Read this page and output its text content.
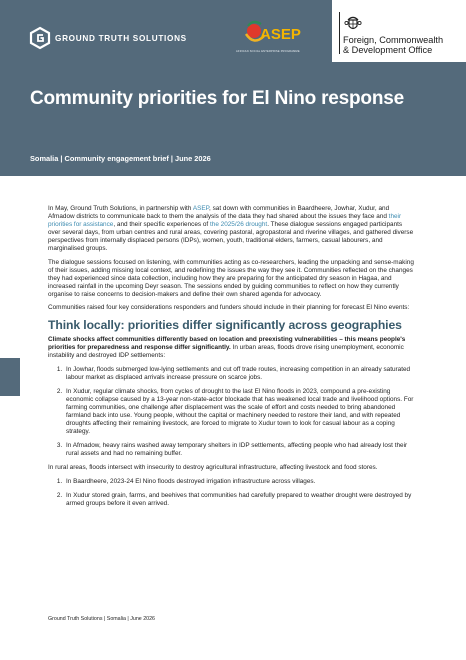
GROUND TRUTH SOLUTIONS	ASEP
AFRICAN SOCIAL ENTERPRISE PROGRAMME
Foreign, Commonwealth
& Development Office
Community priorities for El Nino response
Somalia | Community engagement brief | June 2026

In May, Ground Truth Solutions, in partnership with ASEP, sat down with communities in Baardheere, Jowhar, Xudur, and Afmadow districts to communicate back to them the analysis of the data they had shared about the issues they face and their priorities for assistance, and their specific experiences of the 2025/26 drought. These dialogue sessions engaged participants over several days, from urban centres and rural areas, covering pastoral, agropastoral and riverine villages, and gathered diverse perspectives from internally displaced persons (IDPs), women, youth, traditional elders, farmers, casual labourers, and marginalised groups.

The dialogue sessions focused on listening, with communities acting as co-researchers, leading the unpacking and sense-making of their issues, adding missing local context, and redefining the issues the way they see it. Communities reflected on the changes they had experienced since data collection, including how they are preparing for the anticipated dry season in Hagaa, and increased rainfall in the upcoming Deyr season. The sessions ended by guiding communities to reflect on how they currently organise to raise concerns to decision-makers and define their own shared agenda for advocacy.

Communities raised four key considerations responders and funders should include in their planning for forecast El Nino events:

Think locally: priorities differ significantly across geographies

Climate shocks affect communities differently based on location and preexisting vulnerabilities – this means people's priorities for preparedness and response differ significantly. In urban areas, floods drove rising unemployment, economic instability and destroyed IDP settlements:

1. In Jowhar, floods submerged low-lying settlements and cut off trade routes, increasing competition in an already saturated labour market as displaced arrivals increase pressure on scarce jobs.
2. In Xudur, regular climate shocks, from cycles of drought to the last El Nino floods in 2023, compound a pre-existing economic collapse caused by a 13-year non-state-actor blockade that has weakened local trade and livelihood options. For farming communities, one challenge after displacement was the scale of effort and costs needed to bring abandoned farmland back into use. Young people, without the capital or machinery needed to restore their land, and with repeated droughts affecting their remaining livestock, are forced to migrate to Xudur town to look for casual labour as a coping strategy.
3. In Afmadow, heavy rains washed away temporary shelters in IDP settlements, affecting people who had already lost their rural assets and had no remaining buffer.

In rural areas, floods intersect with insecurity to destroy agricultural infrastructure, affecting livestock and food stores.

1. In Baardheere, 2023-24 El Nino floods destroyed irrigation infrastructure across villages.
2. In Xudur stored grain, farms, and beehives that communities had carefully prepared to weather drought were destroyed by armed groups before it even arrived.
Ground Truth Solutions | Somalia | June 2026
